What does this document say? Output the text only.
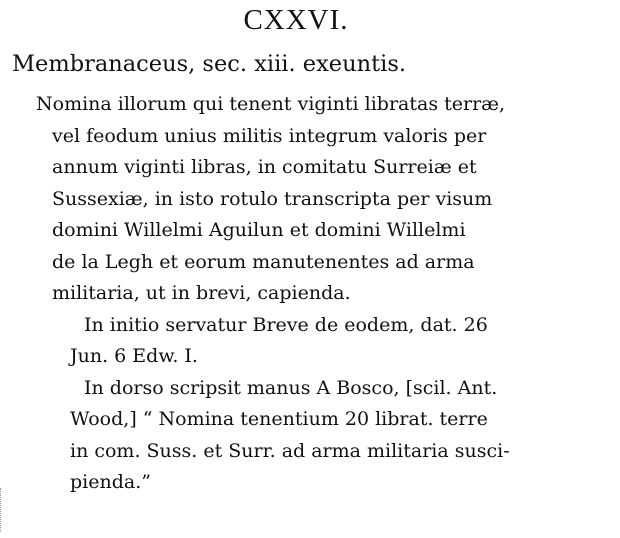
CXXVI.
Membranaceus, sec. xiii. exeuntis.
Nomina illorum qui tenent viginti libratas terræ,
vel feodum unius militis integrum valoris per
annum viginti libras, in comitatu Surreiæ et
Sussexiæ, in isto rotulo transcripta per visum
domini Willelmi Aguilun et domini Willelmi
de la Legh et eorum manutenentes ad arma
militaria, ut in brevi, capienda.
In initio servatur Breve de eodem, dat. 26
Jun. 6 Edw. I.
In dorso scripsit manus A Bosco, [scil. Ant.
Wood,] “ Nomina tenentium 20 librat. terre
in com. Suss. et Surr. ad arma militaria susci-
pienda.”
